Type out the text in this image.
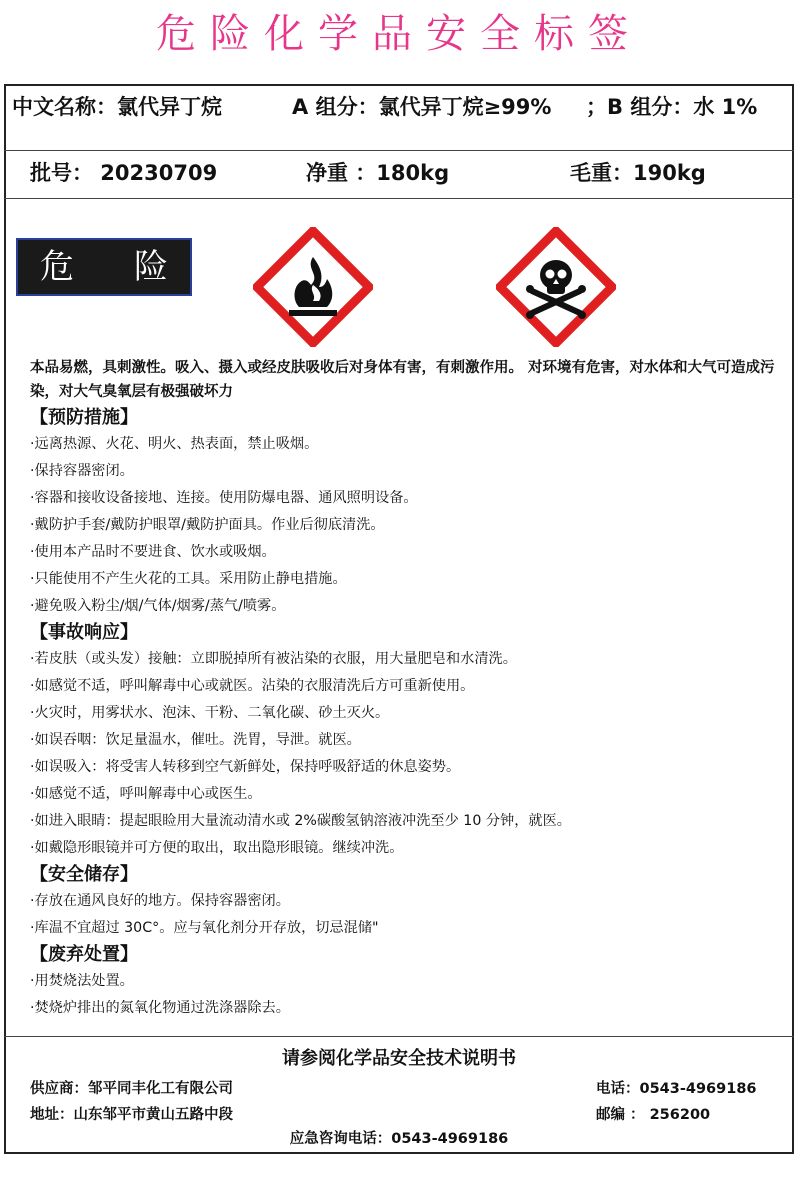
危险化学品安全标签
中文名称：氯代异丁烷	A 组分：氯代异丁烷≥99% ；B 组分：水 1%
批号： 20230709	净重 ：180kg	毛重：190kg
危 险
本品易燃，具刺激性。吸入、摄入或经皮肤吸收后对身体有害，有刺激作用。 对环境有危害，对水体和大气可造成污染，对大气臭氧层有极强破坏力
【预防措施】
·远离热源、火花、明火、热表面，禁止吸烟。
·保持容器密闭。
·容器和接收设备接地、连接。使用防爆电器、通风照明设备。
·戴防护手套/戴防护眼罩/戴防护面具。作业后彻底清洗。
·使用本产品时不要进食、饮水或吸烟。
·只能使用不产生火花的工具。采用防止静电措施。
·避免吸入粉尘/烟/气体/烟雾/蒸气/喷雾。
【事故响应】
·若皮肤（或头发）接触：立即脱掉所有被沾染的衣服，用大量肥皂和水清洗。
·如感觉不适，呼叫解毒中心或就医。沾染的衣服清洗后方可重新使用。
·火灾时，用雾状水、泡沫、干粉、二氧化碳、砂土灭火。
·如误吞咽：饮足量温水，催吐。洗胃，导泄。就医。
·如误吸入：将受害人转移到空气新鲜处，保持呼吸舒适的休息姿势。
·如感觉不适，呼叫解毒中心或医生。
·如进入眼睛：提起眼睑用大量流动清水或 2%碳酸氢钠溶液冲洗至少 10 分钟，就医。
·如戴隐形眼镜并可方便的取出，取出隐形眼镜。继续冲洗。
【安全储存】
·存放在通风良好的地方。保持容器密闭。
·库温不宜超过 30C°。应与氧化剂分开存放，切忌混储"
【废弃处置】
·用焚烧法处置。
·焚烧炉排出的氮氧化物通过洗涤器除去。
请参阅化学品安全技术说明书
供应商：邹平同丰化工有限公司	电话：0543-4969186
地址：山东邹平市黄山五路中段	邮编 ： 256200
应急咨询电话：0543-4969186
